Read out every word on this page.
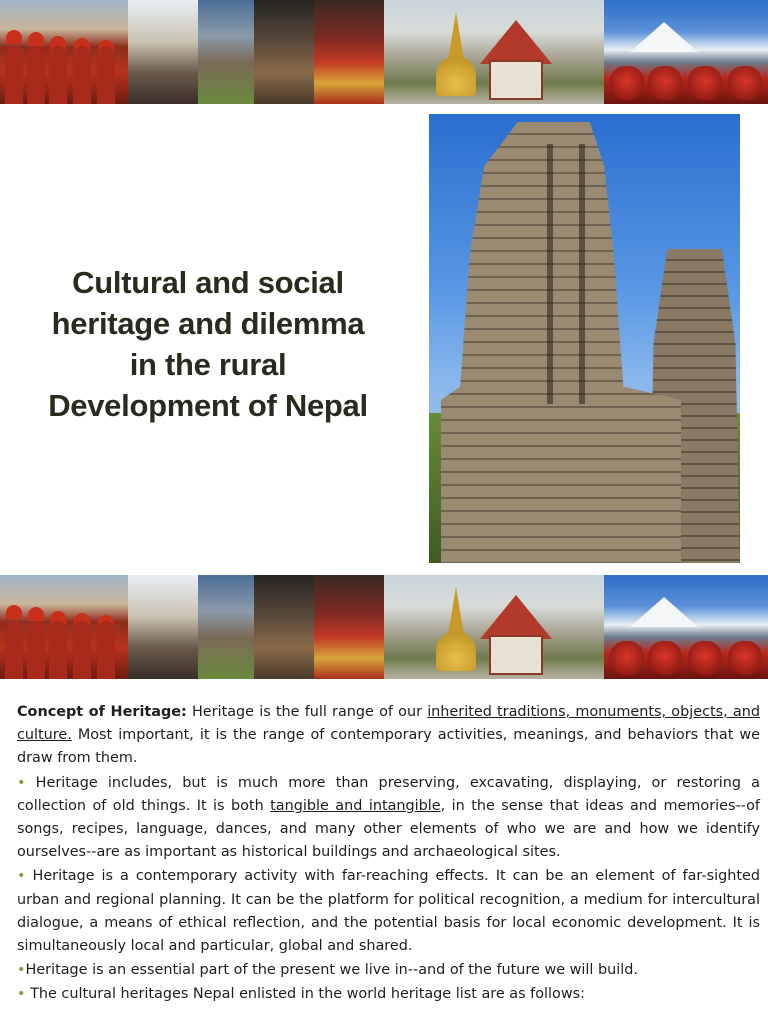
Cultural and social
heritage and dilemma
in the rural
Development of Nepal

Concept of Heritage: Heritage is the full range of our inherited traditions, monuments, objects, and culture. Most important, it is the range of contemporary activities, meanings, and behaviors that we draw from them.

• Heritage includes, but is much more than preserving, excavating, displaying, or restoring a collection of old things. It is both tangible and intangible, in the sense that ideas and memories--of songs, recipes, language, dances, and many other elements of who we are and how we identify ourselves--are as important as historical buildings and archaeological sites.

• Heritage is a contemporary activity with far-reaching effects. It can be an element of far-sighted urban and regional planning. It can be the platform for political recognition, a medium for intercultural dialogue, a means of ethical reflection, and the potential basis for local economic development. It is simultaneously local and particular, global and shared.

•Heritage is an essential part of the present we live in--and of the future we will build.

• The cultural heritages Nepal enlisted in the world heritage list are as follows:
